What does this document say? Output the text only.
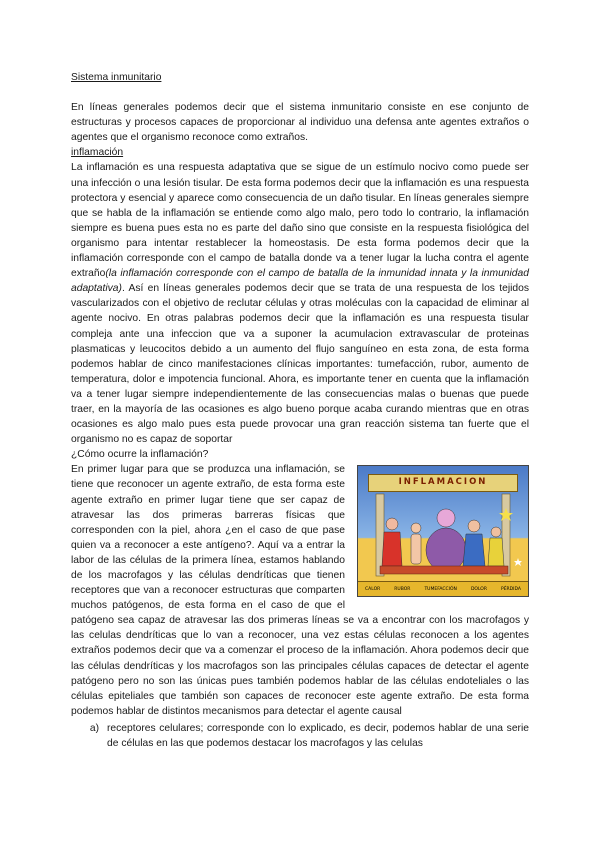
Sistema inmunitario

En líneas generales podemos decir que el sistema inmunitario consiste en ese conjunto de estructuras y procesos capaces de proporcionar al individuo una defensa ante agentes extraños o agentes que el organismo reconoce como extraños.

inflamación

La inflamación es una respuesta adaptativa que se sigue de un estímulo nocivo como puede ser una infección o una lesión tisular. De esta forma podemos decir que la inflamación es una respuesta protectora y esencial y aparece como consecuencia de un daño tisular. En líneas generales siempre que se habla de la inflamación se entiende como algo malo, pero todo lo contrario, la inflamación siempre es buena pues esta no es parte del daño sino que consiste en la respuesta fisiológica del organismo para intentar restablecer la homeostasis. De esta forma podemos decir que la inflamación corresponde con el campo de batalla donde va a tener lugar la lucha contra el agente extraño(la inflamación corresponde con el campo de batalla de la inmunidad innata y la inmunidad adaptativa). Así en líneas generales podemos decir que se trata de una respuesta de los tejidos vascularizados con el objetivo de reclutar células y otras moléculas con la capacidad de eliminar al agente nocivo. En otras palabras podemos decir que la inflamación es una respuesta tisular compleja ante una infeccion que va a suponer la acumulacion extravascular de proteinas plasmaticas y leucocitos debido a un aumento del flujo sanguíneo en esta zona, de esta forma podemos hablar de cinco manifestaciones clínicas importantes: tumefacción, rubor, aumento de temperatura, dolor e impotencia funcional. Ahora, es importante tener en cuenta que la inflamación va a tener lugar siempre independientemente de las consecuencias malas o buenas que puede traer, en la mayoría de las ocasiones es algo bueno porque acaba curando mientras que en otras ocasiones es algo malo pues esta puede provocar una gran reacción sistema tan fuerte que el organismo no es capaz de soportar

¿Cómo ocurre la inflamación?

INFLAMACION
CALOR	RUBOR	TUMEFACCIÓN	DOLOR	PÉRDIDA

En primer lugar para que se produzca una inflamación, se tiene que reconocer un agente extraño, de esta forma este agente extraño en primer lugar tiene que ser capaz de atravesar las dos primeras barreras físicas que corresponden con la piel, ahora ¿en el caso de que pase quien va a reconocer a este antígeno?. Aquí va a entrar la labor de las células de la primera línea, estamos hablando de los macrofagos y las células dendríticas que tienen receptores que van a reconocer estructuras que comparten muchos patógenos, de esta forma en el caso de que el patógeno sea capaz de atravesar las dos primeras líneas se va a encontrar con los macrofagos y las celulas dendríticas que lo van a reconocer, una vez estas células reconocen a los agentes extraños podemos decir que va a comenzar el proceso de la inflamación. Ahora podemos decir que las células dendríticas y los macrofagos son las principales células capaces de detectar el agente patógeno pero no son las únicas pues también podemos hablar de las células endoteliales o las células epiteliales que también son capaces de reconocer este agente extraño. De esta forma podemos hablar de distintos mecanismos para detectar el agente causal

a) receptores celulares; corresponde con lo explicado, es decir, podemos hablar de una serie de células en las que podemos destacar los macrofagos y las celulas
